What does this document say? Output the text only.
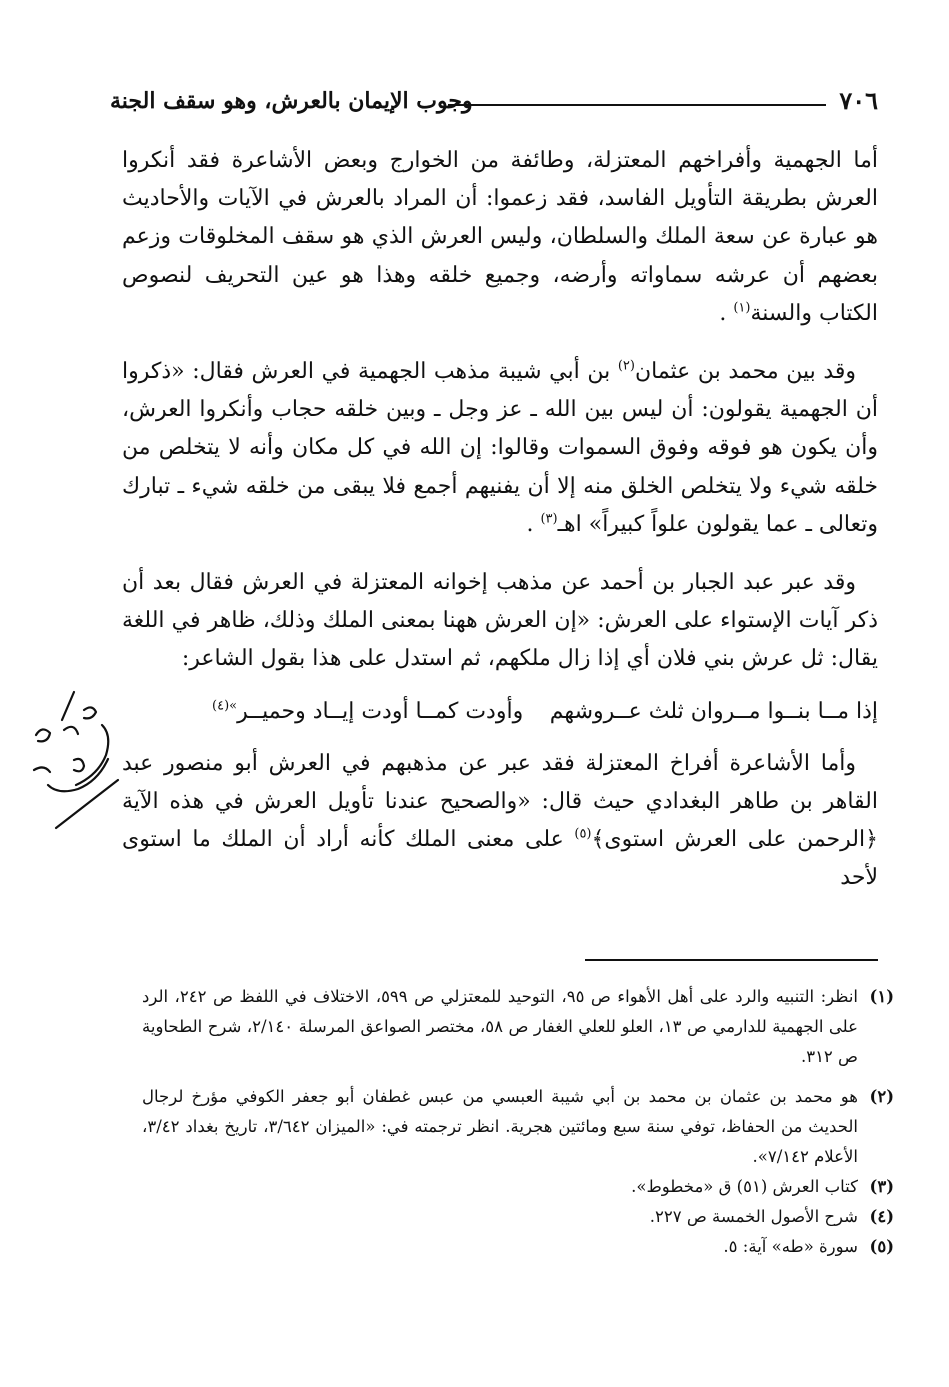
٧٠٦
وجوب الإيمان بالعرش، وهو سقف الجنة

أما الجهمية وأفراخهم المعتزلة، وطائفة من الخوارج وبعض الأشاعرة فقد أنكروا العرش بطريقة التأويل الفاسد، فقد زعموا: أن المراد بالعرش في الآيات والأحاديث هو عبارة عن سعة الملك والسلطان، وليس العرش الذي هو سقف المخلوقات وزعم بعضهم أن عرشه سماواته وأرضه، وجميع خلقه وهذا هو عين التحريف لنصوص الكتاب والسنة$^{(١)}$ .

وقد بين محمد بن عثمان$^{(٢)}$ بن أبي شيبة مذهب الجهمية في العرش فقال: «ذكروا أن الجهمية يقولون: أن ليس بين الله ـ عز وجل ـ وبين خلقه حجاب وأنكروا العرش، وأن يكون هو فوقه وفوق السموات وقالوا: إن الله في كل مكان وأنه لا يتخلص من خلقه شيء ولا يتخلص الخلق منه إلا أن يفنيهم أجمع فلا يبقى من خلقه شيء ـ تبارك وتعالى ـ عما يقولون علواً كبيراً» اهـ$^{(٣)}$ .

وقد عبر عبد الجبار بن أحمد عن مذهب إخوانه المعتزلة في العرش فقال بعد أن ذكر آيات الإستواء على العرش: «إن العرش ههنا بمعنى الملك وذلك، ظاهر في اللغة يقال: ثل عرش بني فلان أي إذا زال ملكهم، ثم استدل على هذا بقول الشاعر:

إذا مــا بنــوا مــروان ثلث عــروشهم
وأودت كمــا أودت إيــاد وحميــر$^{»(٤)}$

وأما الأشاعرة أفراخ المعتزلة فقد عبر عن مذهبهم في العرش أبو منصور عبد القاهر بن طاهر البغدادي حيث قال: «والصحيح عندنا تأويل العرش في هذه الآية ﴿الرحمن على العرش استوى﴾$^{(٥)}$ على معنى الملك كأنه أراد أن الملك ما استوى لأحد

(١)
انظر: التنبيه والرد على أهل الأهواء ص ٩٥، التوحيد للمعتزلي ص ٥٩٩، الاختلاف في اللفظ ص ٢٤٢، الرد على الجهمية للدارمي ص ١٣، العلو للعلي الغفار ص ٥٨، مختصر الصواعق المرسلة ٢/١٤٠، شرح الطحاوية ص ٣١٢.
(٢)
هو محمد بن عثمان بن محمد بن أبي شيبة العبسي من عبس غطفان أبو جعفر الكوفي مؤرخ لرجال الحديث من الحفاظ، توفي سنة سبع ومائتين هجرية. انظر ترجمته في: «الميزان ٣/٦٤٢، تاريخ بغداد ٣/٤٢، الأعلام ٧/١٤٢».
(٣)
كتاب العرش (٥١) ق «مخطوط».
(٤)
شرح الأصول الخمسة ص ٢٢٧.
(٥)
سورة «طه» آية: ٥.
